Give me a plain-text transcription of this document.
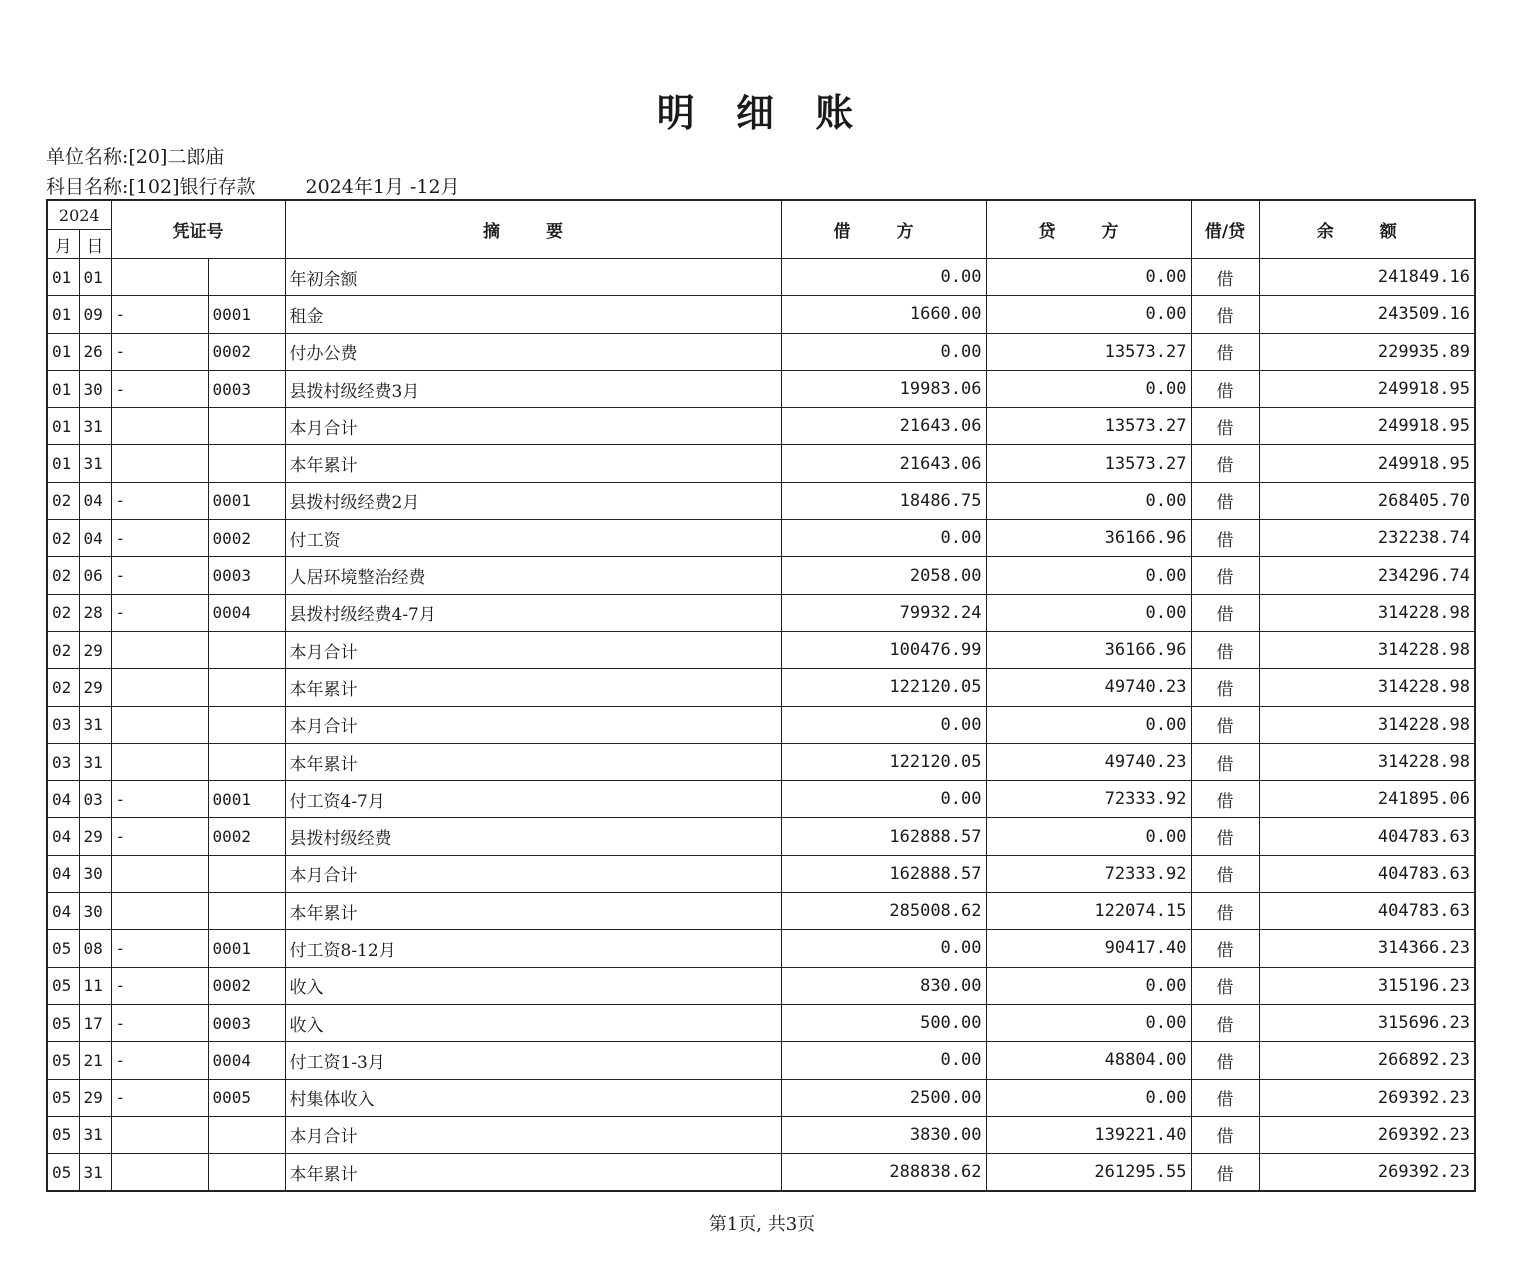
明 细 账
单位名称:[20]二郎庙
科目名称:[102]银行存款	2024年1月 -12月
2024		凭证号		摘 要	借 方	贷 方	借/贷	余 额
月	日							
01	01			年初余额	0.00	0.00	借	241849.16
01	09	-	0001	租金	1660.00	0.00	借	243509.16
01	26	-	0002	付办公费	0.00	13573.27	借	229935.89
01	30	-	0003	县拨村级经费3月	19983.06	0.00	借	249918.95
01	31			本月合计	21643.06	13573.27	借	249918.95
01	31			本年累计	21643.06	13573.27	借	249918.95
02	04	-	0001	县拨村级经费2月	18486.75	0.00	借	268405.70
02	04	-	0002	付工资	0.00	36166.96	借	232238.74
02	06	-	0003	人居环境整治经费	2058.00	0.00	借	234296.74
02	28	-	0004	县拨村级经费4-7月	79932.24	0.00	借	314228.98
02	29			本月合计	100476.99	36166.96	借	314228.98
02	29			本年累计	122120.05	49740.23	借	314228.98
03	31			本月合计	0.00	0.00	借	314228.98
03	31			本年累计	122120.05	49740.23	借	314228.98
04	03	-	0001	付工资4-7月	0.00	72333.92	借	241895.06
04	29	-	0002	县拨村级经费	162888.57	0.00	借	404783.63
04	30			本月合计	162888.57	72333.92	借	404783.63
04	30			本年累计	285008.62	122074.15	借	404783.63
05	08	-	0001	付工资8-12月	0.00	90417.40	借	314366.23
05	11	-	0002	收入	830.00	0.00	借	315196.23
05	17	-	0003	收入	500.00	0.00	借	315696.23
05	21	-	0004	付工资1-3月	0.00	48804.00	借	266892.23
05	29	-	0005	村集体收入	2500.00	0.00	借	269392.23
05	31			本月合计	3830.00	139221.40	借	269392.23
05	31			本年累计	288838.62	261295.55	借	269392.23
第1页, 共3页
